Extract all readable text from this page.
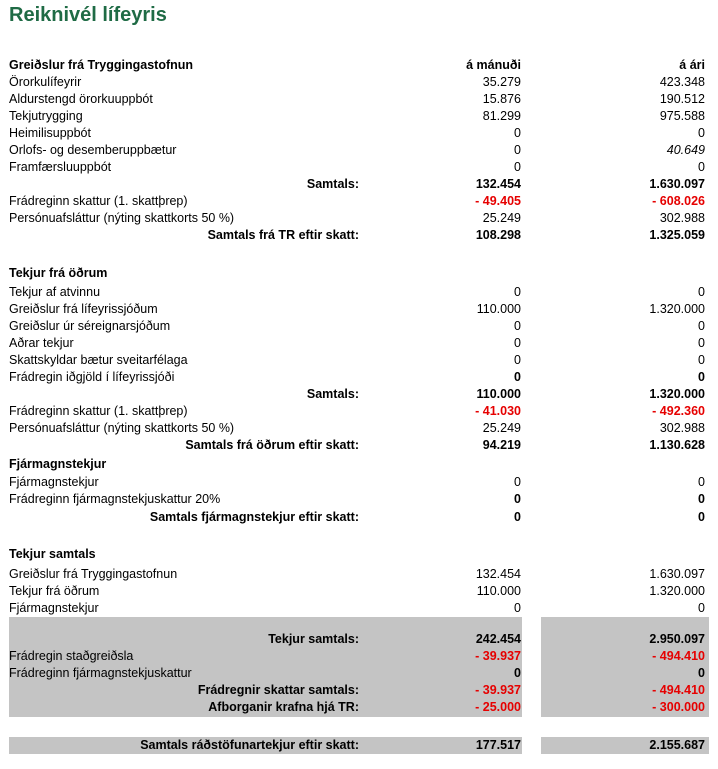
Reiknivél lífeyris
Greiðslur frá Tryggingastofnun	á mánuði	á ári
Örorkulífeyrir	35.279	423.348
Aldurstengd örorkuuppbót	15.876	190.512
Tekjutrygging	81.299	975.588
Heimilisuppbót	0	0
Orlofs- og desemberuppbætur	0	40.649
Framfærsluuppbót	0	0
Samtals:	132.454	1.630.097
Frádreginn skattur (1. skattþrep)	- 49.405	- 608.026
Persónuafsláttur (nýting skattkorts 50 %)	25.249	302.988
Samtals frá TR eftir skatt:	108.298	1.325.059
Tekjur frá öðrum
Tekjur af atvinnu	0	0
Greiðslur frá lífeyrissjóðum	110.000	1.320.000
Greiðslur úr séreignarsjóðum	0	0
Aðrar tekjur	0	0
Skattskyldar bætur sveitarfélaga	0	0
Frádregin iðgjöld í lífeyrissjóði	0	0
Samtals:	110.000	1.320.000
Frádreginn skattur (1. skattþrep)	- 41.030	- 492.360
Persónuafsláttur (nýting skattkorts 50 %)	25.249	302.988
Samtals frá öðrum eftir skatt:	94.219	1.130.628
Fjármagnstekjur
Fjármagnstekjur	0	0
Frádreginn fjármagnstekjuskattur 20%	0	0
Samtals fjármagnstekjur eftir skatt:	0	0
Tekjur samtals
Greiðslur frá Tryggingastofnun	132.454	1.630.097
Tekjur frá öðrum	110.000	1.320.000
Fjármagnstekjur	0	0
Tekjur samtals:	242.454	2.950.097
Frádregin staðgreiðsla	- 39.937	- 494.410
Frádreginn fjármagnstekjuskattur	0	0
Frádregnir skattar samtals:	- 39.937	- 494.410
Afborganir krafna hjá TR:	- 25.000	- 300.000
Samtals ráðstöfunartekjur eftir skatt:	177.517	2.155.687
